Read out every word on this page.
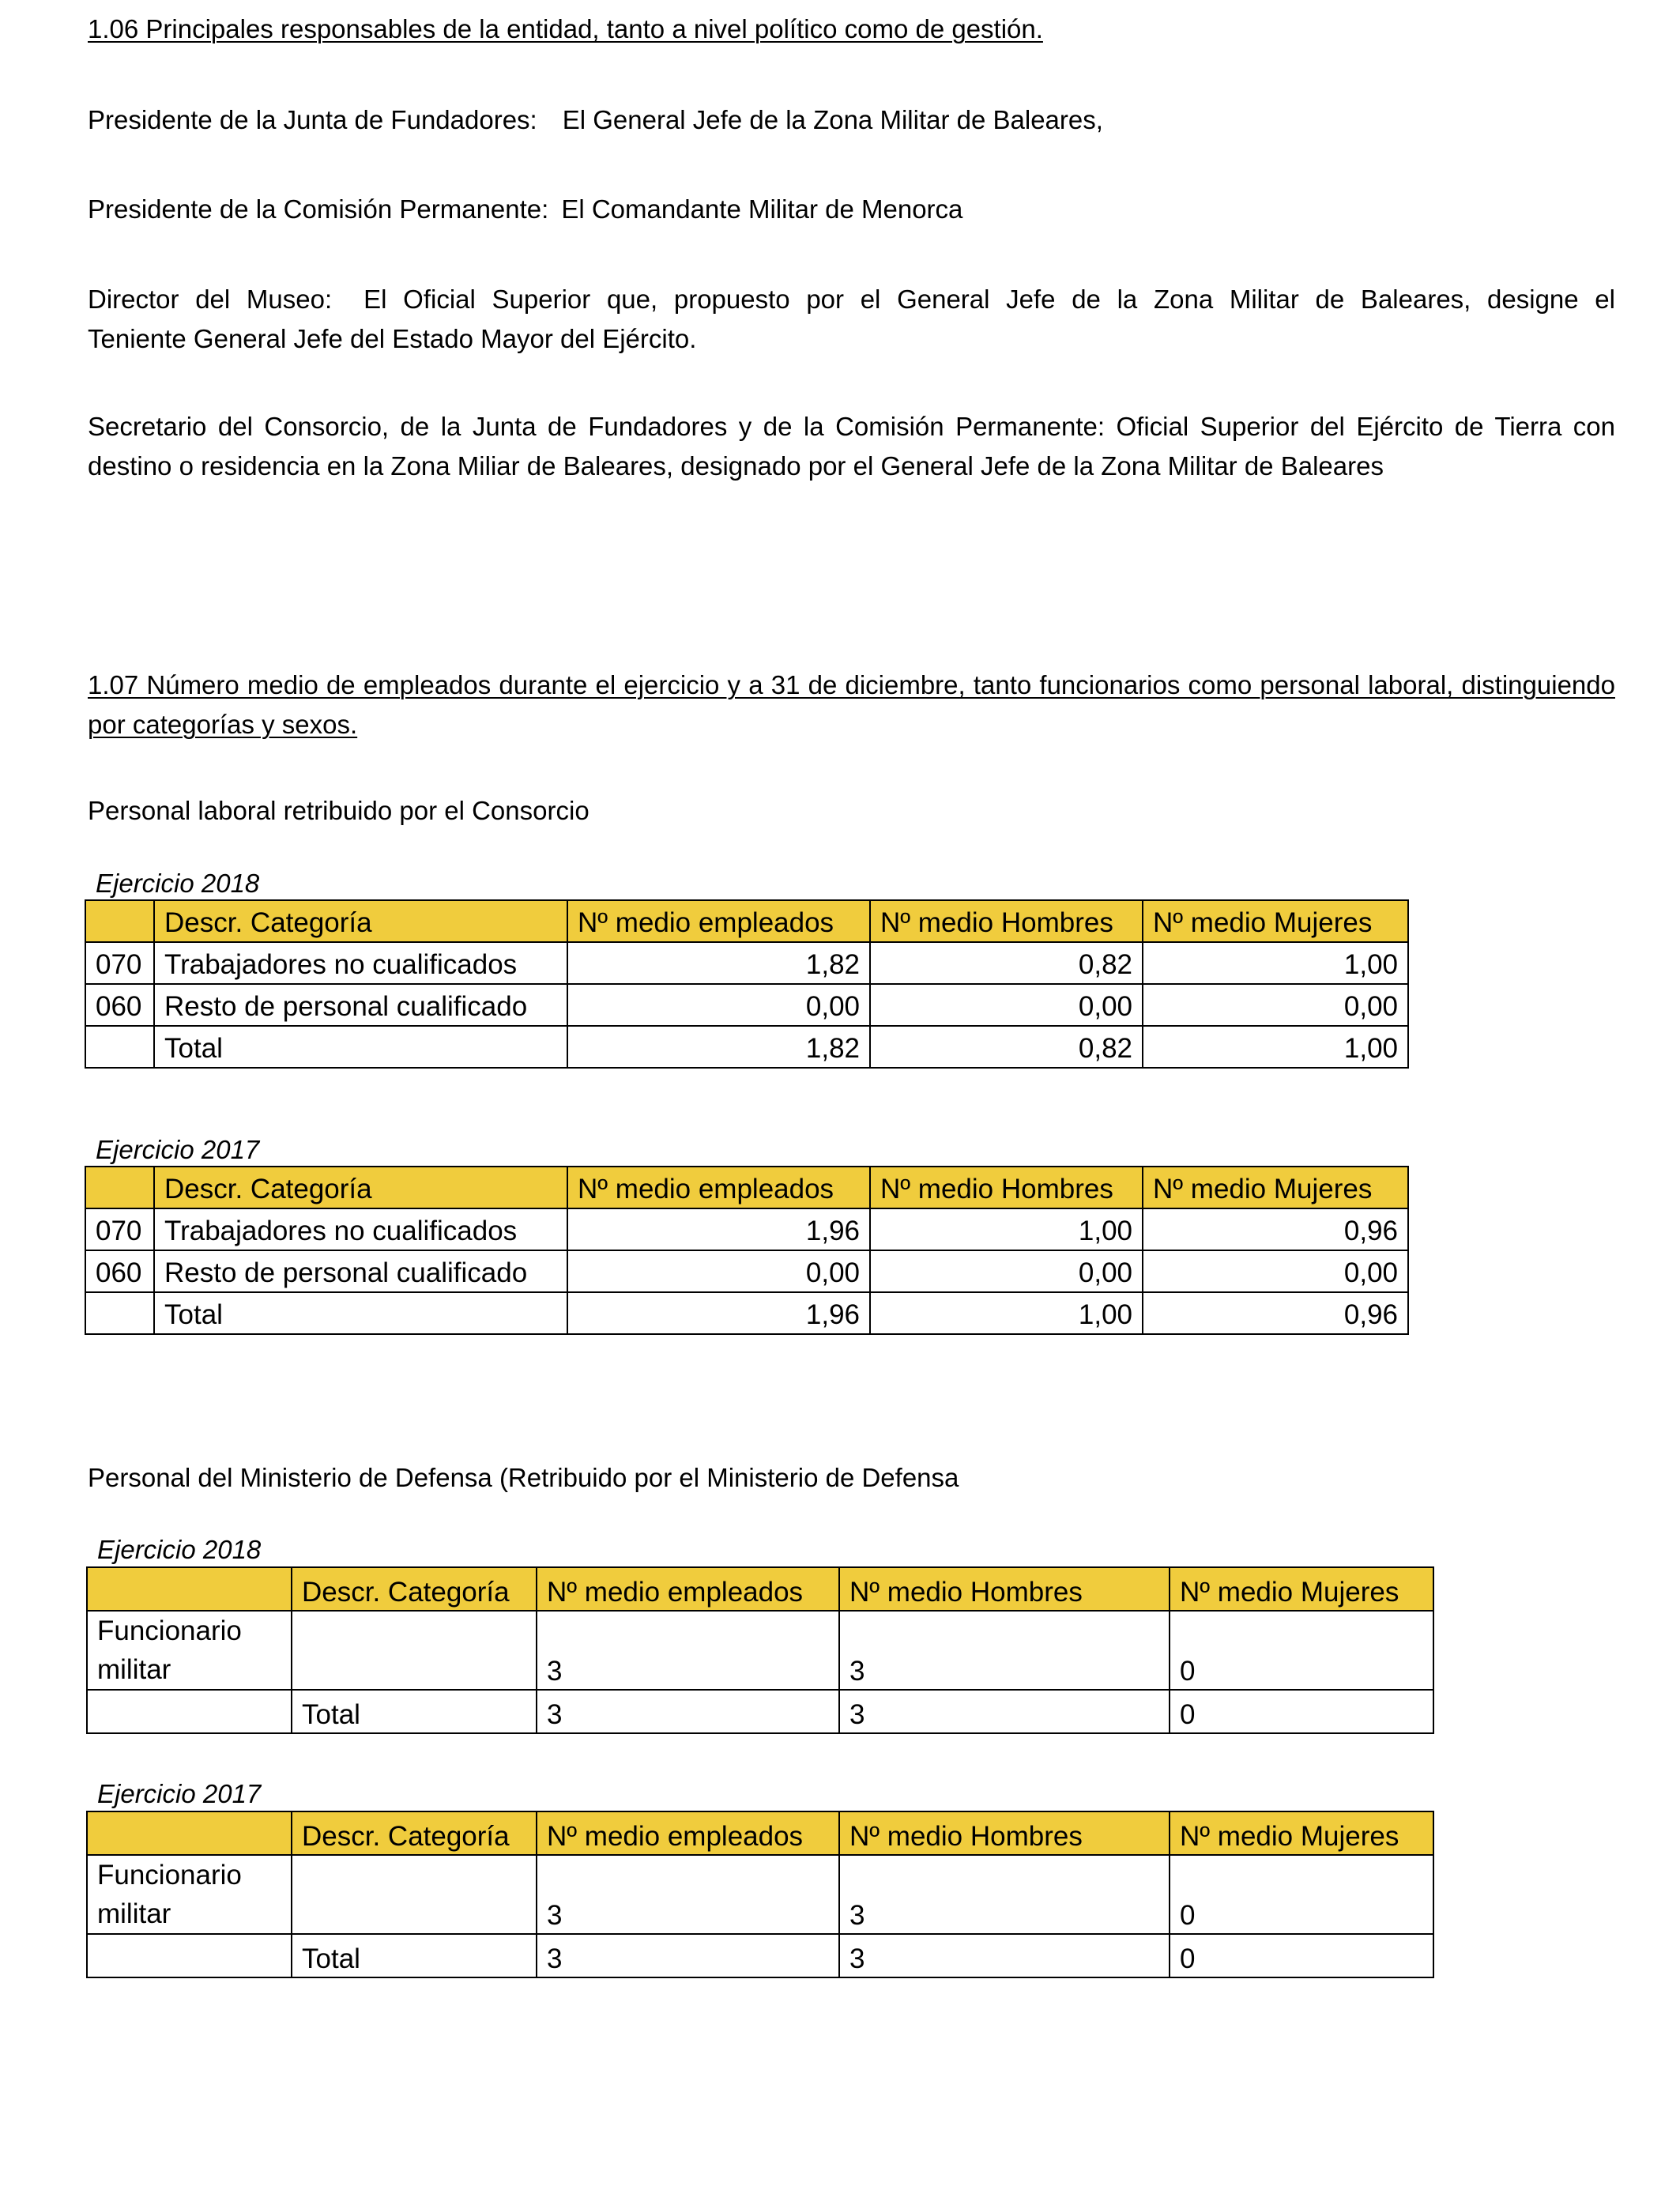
1.06 Principales responsables de la entidad, tanto a nivel político como de gestión.

Presidente de la Junta de Fundadores: El General Jefe de la Zona Militar de Baleares,

Presidente de la Comisión Permanente: El Comandante Militar de Menorca

Director del Museo: El Oficial Superior que, propuesto por el General Jefe de la Zona Militar de Baleares, designe el
Teniente General Jefe del Estado Mayor del Ejército.

Secretario del Consorcio, de la Junta de Fundadores y de la Comisión Permanente: Oficial Superior del Ejército de Tierra con destino o residencia en la Zona Miliar de Baleares, designado por el General Jefe de la Zona Militar de Baleares

1.07 Número medio de empleados durante el ejercicio y a 31 de diciembre, tanto funcionarios como personal laboral, distinguiendo por categorías y sexos.

Personal laboral retribuido por el Consorcio

Ejercicio 2018

	Descr. Categoría	Nº medio empleados	Nº medio Hombres	Nº medio Mujeres
070	Trabajadores no cualificados	1,82	0,82	1,00
060	Resto de personal cualificado	0,00	0,00	0,00
	Total	1,82	0,82	1,00

Ejercicio 2017

	Descr. Categoría	Nº medio empleados	Nº medio Hombres	Nº medio Mujeres
070	Trabajadores no cualificados	1,96	1,00	0,96
060	Resto de personal cualificado	0,00	0,00	0,00
	Total	1,96	1,00	0,96

Personal del Ministerio de Defensa (Retribuido por el Ministerio de Defensa

Ejercicio 2018

	Descr. Categoría	Nº medio empleados	Nº medio Hombres	Nº medio Mujeres
Funcionario militar		3	3	0
	Total	3	3	0

Ejercicio 2017

	Descr. Categoría	Nº medio empleados	Nº medio Hombres	Nº medio Mujeres
Funcionario militar		3	3	0
	Total	3	3	0
